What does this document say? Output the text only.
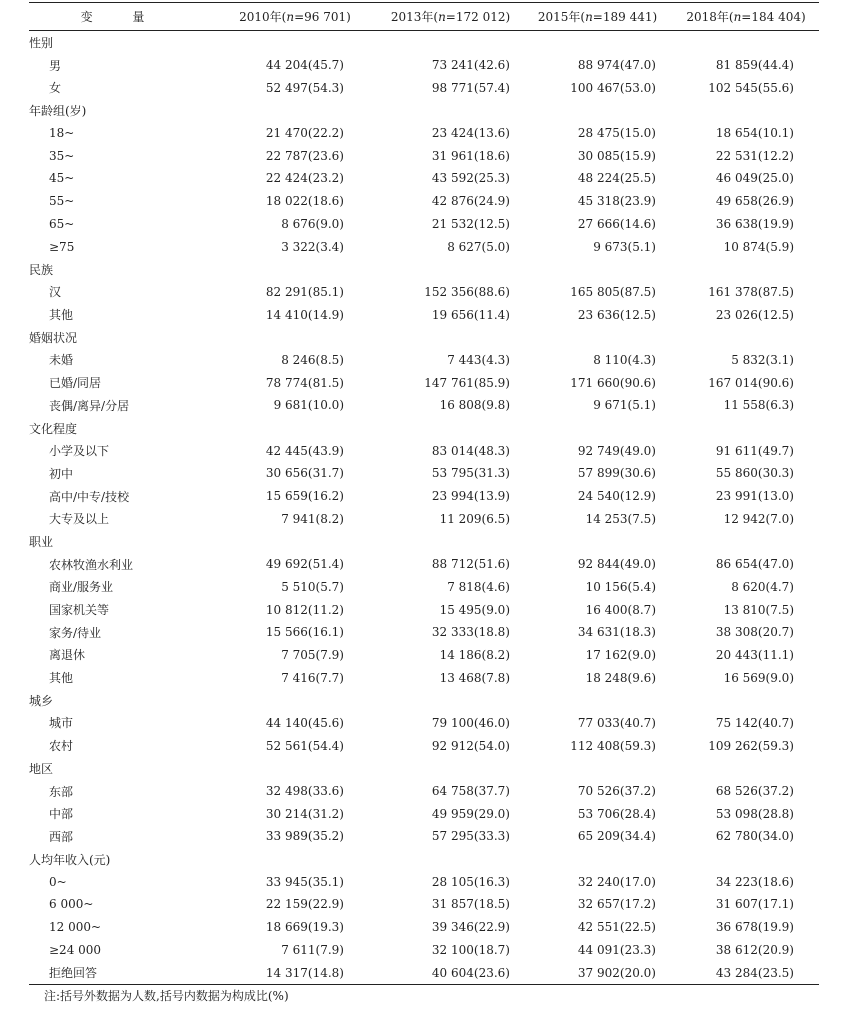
变 量	2010年(n=96 701)	2013年(n=172 012)	2015年(n=189 441)	2018年(n=184 404)
性别
男	44 204(45.7)	73 241(42.6)	88 974(47.0)	81 859(44.4)
女	52 497(54.3)	98 771(57.4)	100 467(53.0)	102 545(55.6)
年龄组(岁)
18~	21 470(22.2)	23 424(13.6)	28 475(15.0)	18 654(10.1)
35~	22 787(23.6)	31 961(18.6)	30 085(15.9)	22 531(12.2)
45~	22 424(23.2)	43 592(25.3)	48 224(25.5)	46 049(25.0)
55~	18 022(18.6)	42 876(24.9)	45 318(23.9)	49 658(26.9)
65~	8 676(9.0)	21 532(12.5)	27 666(14.6)	36 638(19.9)
≥75	3 322(3.4)	8 627(5.0)	9 673(5.1)	10 874(5.9)
民族
汉	82 291(85.1)	152 356(88.6)	165 805(87.5)	161 378(87.5)
其他	14 410(14.9)	19 656(11.4)	23 636(12.5)	23 026(12.5)
婚姻状况
未婚	8 246(8.5)	7 443(4.3)	8 110(4.3)	5 832(3.1)
已婚/同居	78 774(81.5)	147 761(85.9)	171 660(90.6)	167 014(90.6)
丧偶/离异/分居	9 681(10.0)	16 808(9.8)	9 671(5.1)	11 558(6.3)
文化程度
小学及以下	42 445(43.9)	83 014(48.3)	92 749(49.0)	91 611(49.7)
初中	30 656(31.7)	53 795(31.3)	57 899(30.6)	55 860(30.3)
高中/中专/技校	15 659(16.2)	23 994(13.9)	24 540(12.9)	23 991(13.0)
大专及以上	7 941(8.2)	11 209(6.5)	14 253(7.5)	12 942(7.0)
职业
农林牧渔水利业	49 692(51.4)	88 712(51.6)	92 844(49.0)	86 654(47.0)
商业/服务业	5 510(5.7)	7 818(4.6)	10 156(5.4)	8 620(4.7)
国家机关等	10 812(11.2)	15 495(9.0)	16 400(8.7)	13 810(7.5)
家务/待业	15 566(16.1)	32 333(18.8)	34 631(18.3)	38 308(20.7)
离退休	7 705(7.9)	14 186(8.2)	17 162(9.0)	20 443(11.1)
其他	7 416(7.7)	13 468(7.8)	18 248(9.6)	16 569(9.0)
城乡
城市	44 140(45.6)	79 100(46.0)	77 033(40.7)	75 142(40.7)
农村	52 561(54.4)	92 912(54.0)	112 408(59.3)	109 262(59.3)
地区
东部	32 498(33.6)	64 758(37.7)	70 526(37.2)	68 526(37.2)
中部	30 214(31.2)	49 959(29.0)	53 706(28.4)	53 098(28.8)
西部	33 989(35.2)	57 295(33.3)	65 209(34.4)	62 780(34.0)
人均年收入(元)
0~	33 945(35.1)	28 105(16.3)	32 240(17.0)	34 223(18.6)
6 000~	22 159(22.9)	31 857(18.5)	32 657(17.2)	31 607(17.1)
12 000~	18 669(19.3)	39 346(22.9)	42 551(22.5)	36 678(19.9)
≥24 000	7 611(7.9)	32 100(18.7)	44 091(23.3)	38 612(20.9)
拒绝回答	14 317(14.8)	40 604(23.6)	37 902(20.0)	43 284(23.5)
注:括号外数据为人数,括号内数据为构成比(%)
